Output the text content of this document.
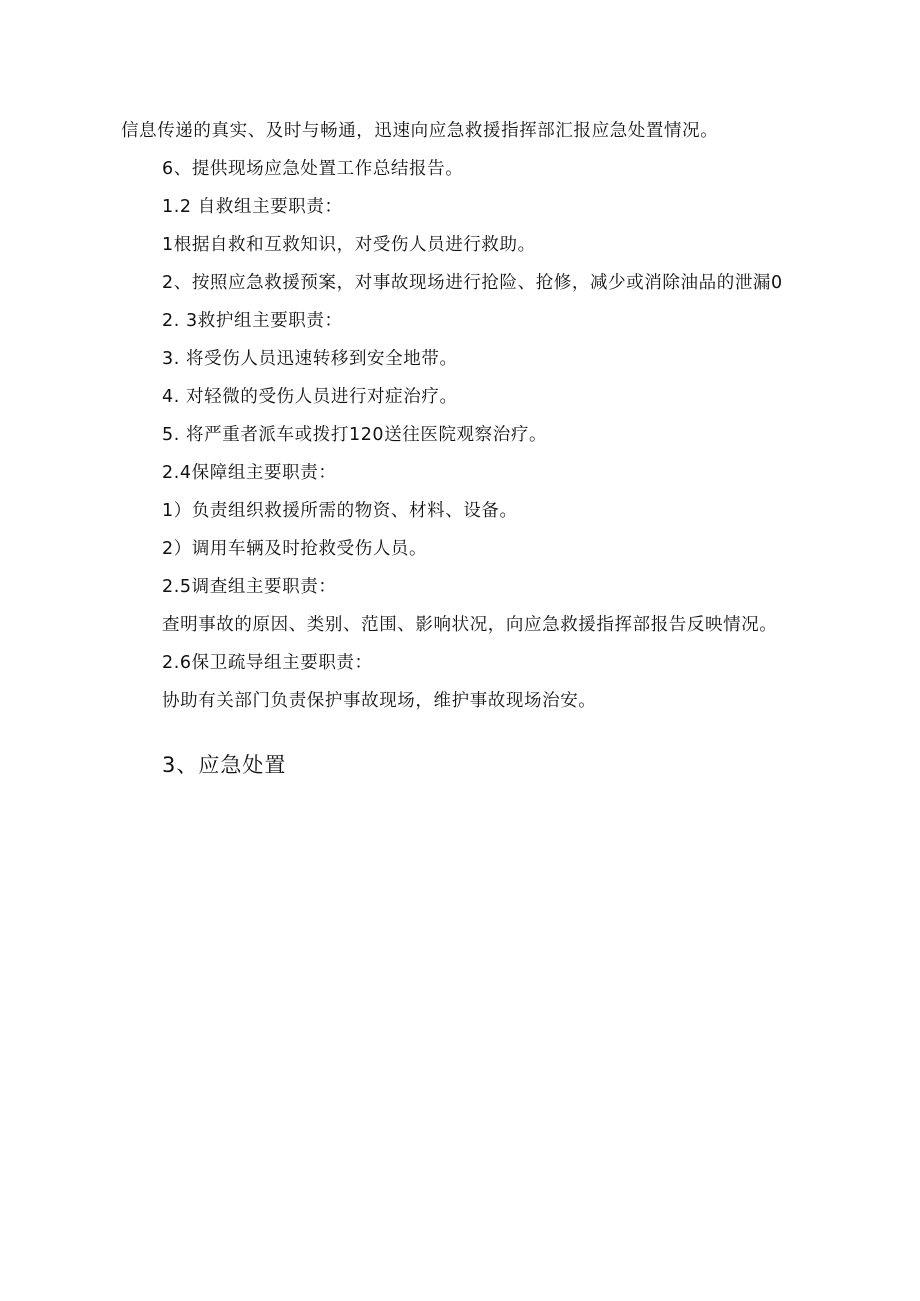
信息传递的真实、及时与畅通，迅速向应急救援指挥部汇报应急处置情况。

6、提供现场应急处置工作总结报告。

1.2 自救组主要职责：

1根据自救和互救知识，对受伤人员进行救助。

2、按照应急救援预案，对事故现场进行抢险、抢修，减少或消除油品的泄漏0

2. 3救护组主要职责：

3. 将受伤人员迅速转移到安全地带。

4. 对轻微的受伤人员进行对症治疗。

5. 将严重者派车或拨打120送往医院观察治疗。

2.4保障组主要职责：

1）负责组织救援所需的物资、材料、设备。

2）调用车辆及时抢救受伤人员。

2.5调查组主要职责：

查明事故的原因、类别、范围、影响状况，向应急救援指挥部报告反映情况。

2.6保卫疏导组主要职责：

协助有关部门负责保护事故现场，维护事故现场治安。

3、应急处置
